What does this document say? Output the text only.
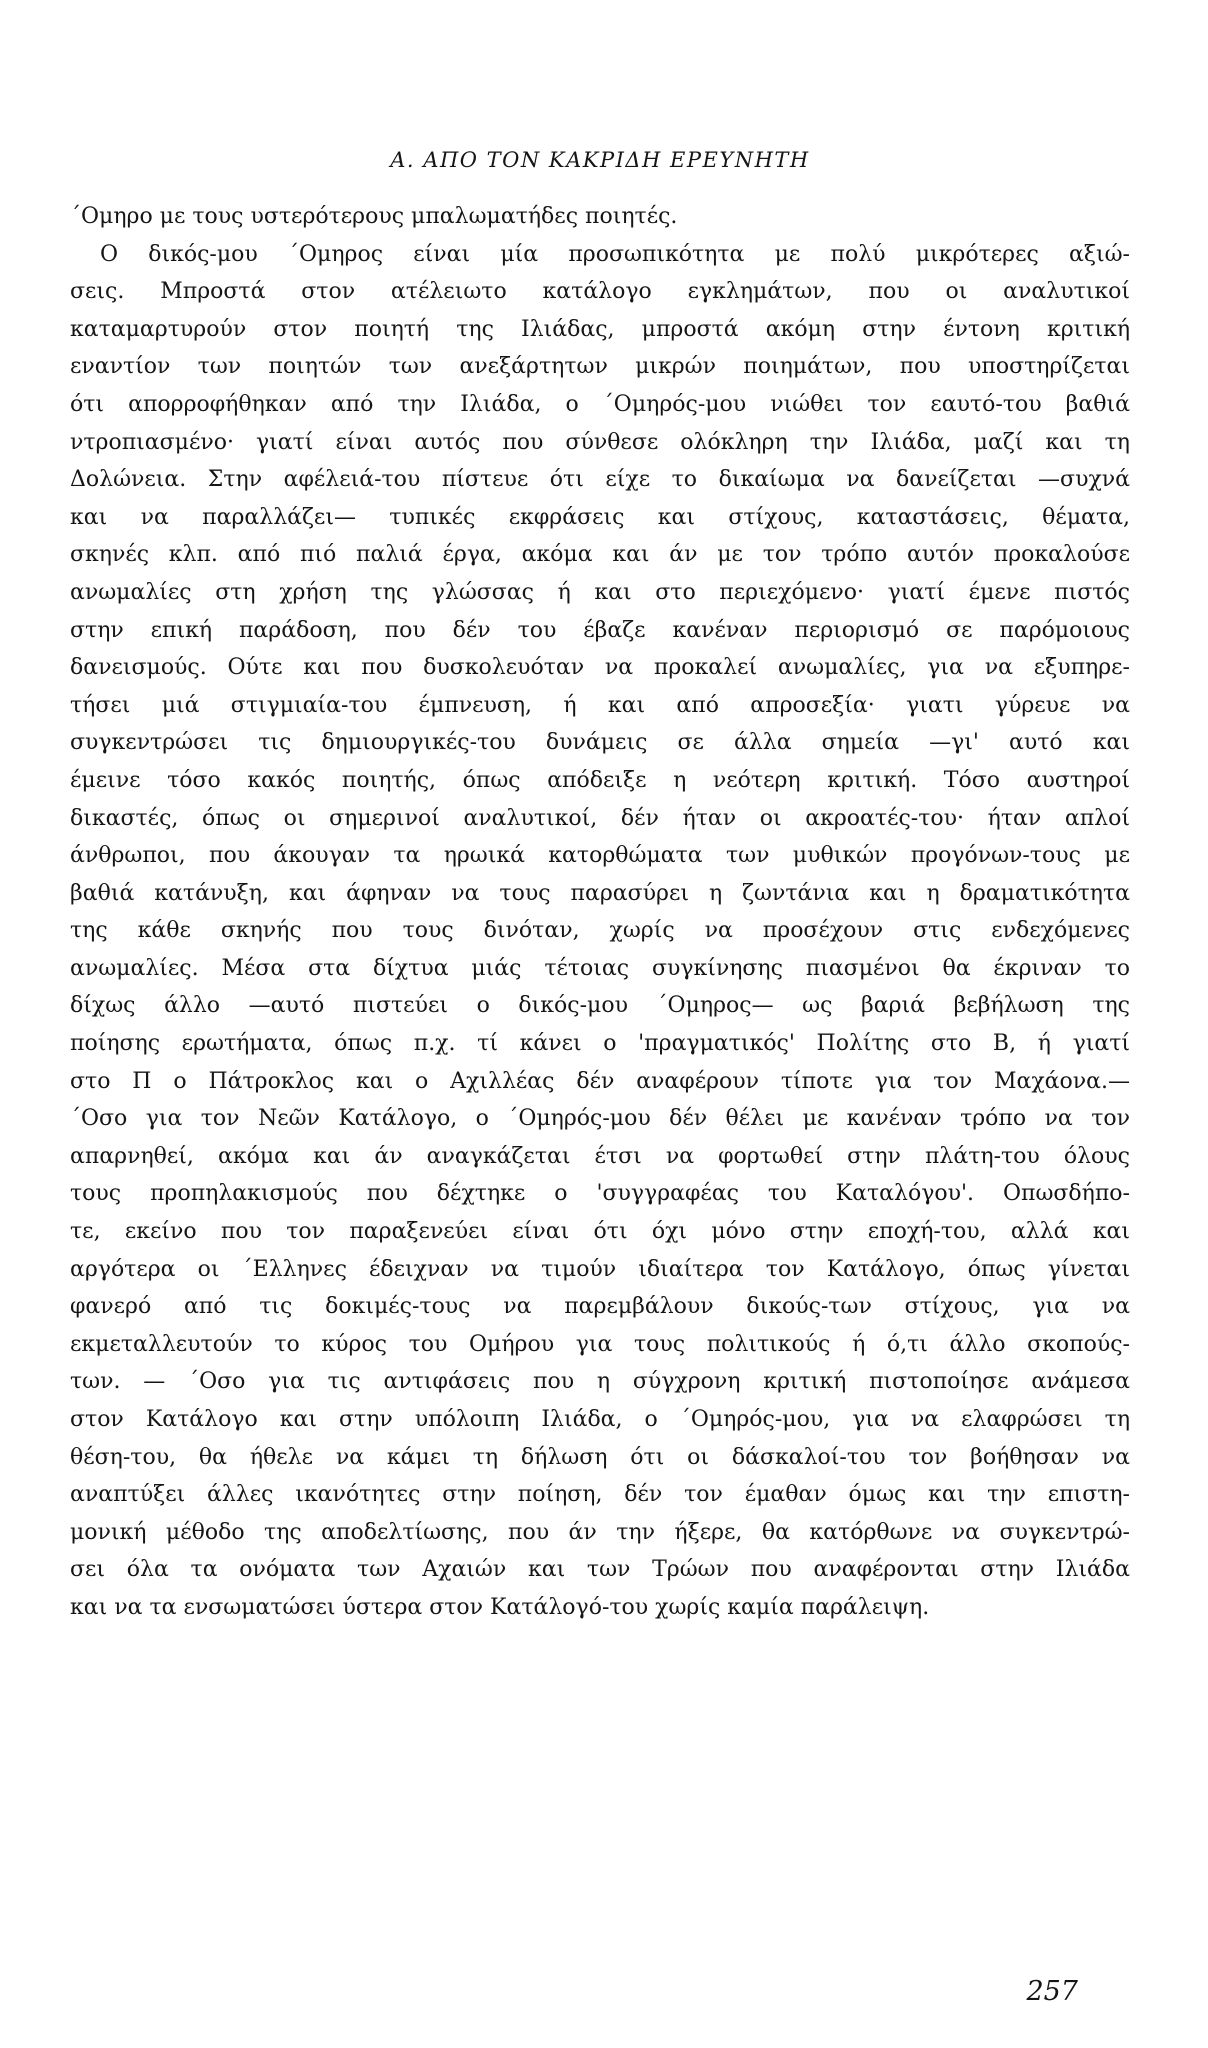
Α. ΑΠΟ ΤΟΝ ΚΑΚΡΙΔΗ ΕΡΕΥΝΗΤΗ
΄Ομηρο με τους υστερότερους μπαλωματήδες ποιητές.
Ο δικός-μου ΄Ομηρος είναι μία προσωπικότητα με πολύ μικρότερες αξιώ-
σεις. Μπροστά στον ατέλειωτο κατάλογο εγκλημάτων, που οι αναλυτικοί
καταμαρτυρούν στον ποιητή της Ιλιάδας, μπροστά ακόμη στην έντονη κριτική
εναντίον των ποιητών των ανεξάρτητων μικρών ποιημάτων, που υποστηρίζεται
ότι απορροφήθηκαν από την Ιλιάδα, ο ΄Ομηρός-μου νιώθει τον εαυτό-του βαθιά
ντροπιασμένο· γιατί είναι αυτός που σύνθεσε ολόκληρη την Ιλιάδα, μαζί και τη
Δολώνεια. Στην αφέλειά-του πίστευε ότι είχε το δικαίωμα να δανείζεται —συχνά
και να παραλλάζει— τυπικές εκφράσεις και στίχους, καταστάσεις, θέματα,
σκηνές κλπ. από πιό παλιά έργα, ακόμα και άν με τον τρόπο αυτόν προκαλούσε
ανωμαλίες στη χρήση της γλώσσας ή και στο περιεχόμενο· γιατί έμενε πιστός
στην επική παράδοση, που δέν του έβαζε κανέναν περιορισμό σε παρόμοιους
δανεισμούς. Ούτε και που δυσκολευόταν να προκαλεί ανωμαλίες, για να εξυπηρε-
τήσει μιά στιγμιαία-του έμπνευση, ή και από απροσεξία· γιατι γύρευε να
συγκεντρώσει τις δημιουργικές-του δυνάμεις σε άλλα σημεία —γι' αυτό και
έμεινε τόσο κακός ποιητής, όπως απόδειξε η νεότερη κριτική. Τόσο αυστηροί
δικαστές, όπως οι σημερινοί αναλυτικοί, δέν ήταν οι ακροατές-του· ήταν απλοί
άνθρωποι, που άκουγαν τα ηρωικά κατορθώματα των μυθικών προγόνων-τους με
βαθιά κατάνυξη, και άφηναν να τους παρασύρει η ζωντάνια και η δραματικότητα
της κάθε σκηνής που τους δινόταν, χωρίς να προσέχουν στις ενδεχόμενες
ανωμαλίες. Μέσα στα δίχτυα μιάς τέτοιας συγκίνησης πιασμένοι θα έκριναν το
δίχως άλλο —αυτό πιστεύει ο δικός-μου ΄Ομηρος— ως βαριά βεβήλωση της
ποίησης ερωτήματα, όπως π.χ. τί κάνει ο 'πραγματικός' Πολίτης στο Β, ή γιατί
στο Π ο Πάτροκλος και ο Αχιλλέας δέν αναφέρουν τίποτε για τον Μαχάονα.—
΄Οσο για τον Νεῶν Κατάλογο, ο ΄Ομηρός-μου δέν θέλει με κανέναν τρόπο να τον
απαρνηθεί, ακόμα και άν αναγκάζεται έτσι να φορτωθεί στην πλάτη-του όλους
τους προπηλακισμούς που δέχτηκε ο 'συγγραφέας του Καταλόγου'. Οπωσδήπο-
τε, εκείνο που τον παραξενεύει είναι ότι όχι μόνο στην εποχή-του, αλλά και
αργότερα οι ΄Ελληνες έδειχναν να τιμούν ιδιαίτερα τον Κατάλογο, όπως γίνεται
φανερό από τις δοκιμές-τους να παρεμβάλουν δικούς-των στίχους, για να
εκμεταλλευτούν το κύρος του Ομήρου για τους πολιτικούς ή ό,τι άλλο σκοπούς-
των. — ΄Οσο για τις αντιφάσεις που η σύγχρονη κριτική πιστοποίησε ανάμεσα
στον Κατάλογο και στην υπόλοιπη Ιλιάδα, ο ΄Ομηρός-μου, για να ελαφρώσει τη
θέση-του, θα ήθελε να κάμει τη δήλωση ότι οι δάσκαλοί-του τον βοήθησαν να
αναπτύξει άλλες ικανότητες στην ποίηση, δέν τον έμαθαν όμως και την επιστη-
μονική μέθοδο της αποδελτίωσης, που άν την ήξερε, θα κατόρθωνε να συγκεντρώ-
σει όλα τα ονόματα των Αχαιών και των Τρώων που αναφέρονται στην Ιλιάδα
και να τα ενσωματώσει ύστερα στον Κατάλογό-του χωρίς καμία παράλειψη.
257
